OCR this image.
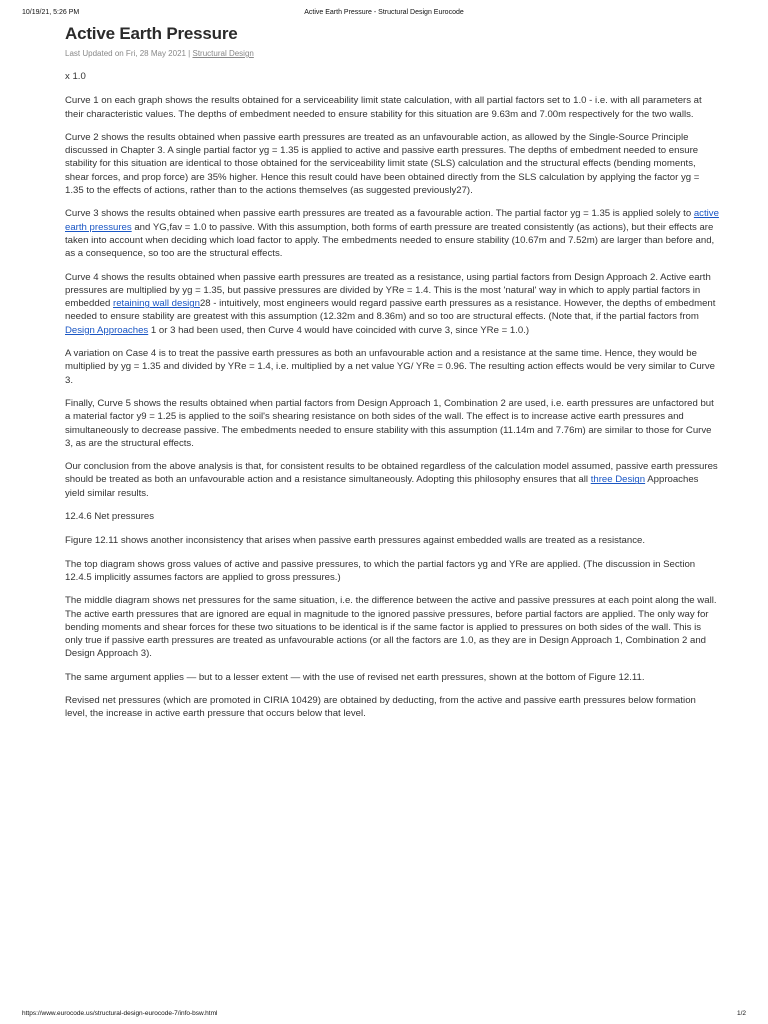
10/19/21, 5:26 PM	Active Earth Pressure - Structural Design Eurocode
Active Earth Pressure
Last Updated on Fri, 28 May 2021 | Structural Design

x 1.0

Curve 1 on each graph shows the results obtained for a serviceability limit state calculation, with all partial factors set to 1.0 - i.e. with all parameters at their characteristic values. The depths of embedment needed to ensure stability for this situation are 9.63m and 7.00m respectively for the two walls.

Curve 2 shows the results obtained when passive earth pressures are treated as an unfavourable action, as allowed by the Single-Source Principle discussed in Chapter 3. A single partial factor yg = 1.35 is applied to active and passive earth pressures. The depths of embedment needed to ensure stability for this situation are identical to those obtained for the serviceability limit state (SLS) calculation and the structural effects (bending moments, shear forces, and prop force) are 35% higher. Hence this result could have been obtained directly from the SLS calculation by applying the factor yg = 1.35 to the effects of actions, rather than to the actions themselves (as suggested previously27).

Curve 3 shows the results obtained when passive earth pressures are treated as a favourable action. The partial factor yg = 1.35 is applied solely to active earth pressures and YG,fav = 1.0 to passive. With this assumption, both forms of earth pressure are treated consistently (as actions), but their effects are taken into account when deciding which load factor to apply. The embedments needed to ensure stability (10.67m and 7.52m) are larger than before and, as a consequence, so too are the structural effects.

Curve 4 shows the results obtained when passive earth pressures are treated as a resistance, using partial factors from Design Approach 2. Active earth pressures are multiplied by yg = 1.35, but passive pressures are divided by YRe = 1.4. This is the most 'natural' way in which to apply partial factors in embedded retaining wall design28 - intuitively, most engineers would regard passive earth pressures as a resistance. However, the depths of embedment needed to ensure stability are greatest with this assumption (12.32m and 8.36m) and so too are structural effects. (Note that, if the partial factors from Design Approaches 1 or 3 had been used, then Curve 4 would have coincided with curve 3, since YRe = 1.0.)

A variation on Case 4 is to treat the passive earth pressures as both an unfavourable action and a resistance at the same time. Hence, they would be multiplied by yg = 1.35 and divided by YRe = 1.4, i.e. multiplied by a net value YG/ YRe = 0.96. The resulting action effects would be very similar to Curve 3.

Finally, Curve 5 shows the results obtained when partial factors from Design Approach 1, Combination 2 are used, i.e. earth pressures are unfactored but a material factor y9 = 1.25 is applied to the soil's shearing resistance on both sides of the wall. The effect is to increase active earth pressures and simultaneously to decrease passive. The embedments needed to ensure stability with this assumption (11.14m and 7.76m) are similar to those for Curve 3, as are the structural effects.

Our conclusion from the above analysis is that, for consistent results to be obtained regardless of the calculation model assumed, passive earth pressures should be treated as both an unfavourable action and a resistance simultaneously. Adopting this philosophy ensures that all three Design Approaches yield similar results.

12.4.6 Net pressures

Figure 12.11 shows another inconsistency that arises when passive earth pressures against embedded walls are treated as a resistance.

The top diagram shows gross values of active and passive pressures, to which the partial factors yg and YRe are applied. (The discussion in Section 12.4.5 implicitly assumes factors are applied to gross pressures.)

The middle diagram shows net pressures for the same situation, i.e. the difference between the active and passive pressures at each point along the wall. The active earth pressures that are ignored are equal in magnitude to the ignored passive pressures, before partial factors are applied. The only way for bending moments and shear forces for these two situations to be identical is if the same factor is applied to pressures on both sides of the wall. This is only true if passive earth pressures are treated as unfavourable actions (or all the factors are 1.0, as they are in Design Approach 1, Combination 2 and Design Approach 3).

The same argument applies — but to a lesser extent — with the use of revised net earth pressures, shown at the bottom of Figure 12.11.

Revised net pressures (which are promoted in CIRIA 10429) are obtained by deducting, from the active and passive earth pressures below formation level, the increase in active earth pressure that occurs below that level.

https://www.eurocode.us/structural-design-eurocode-7/info-bsw.html	1/2
